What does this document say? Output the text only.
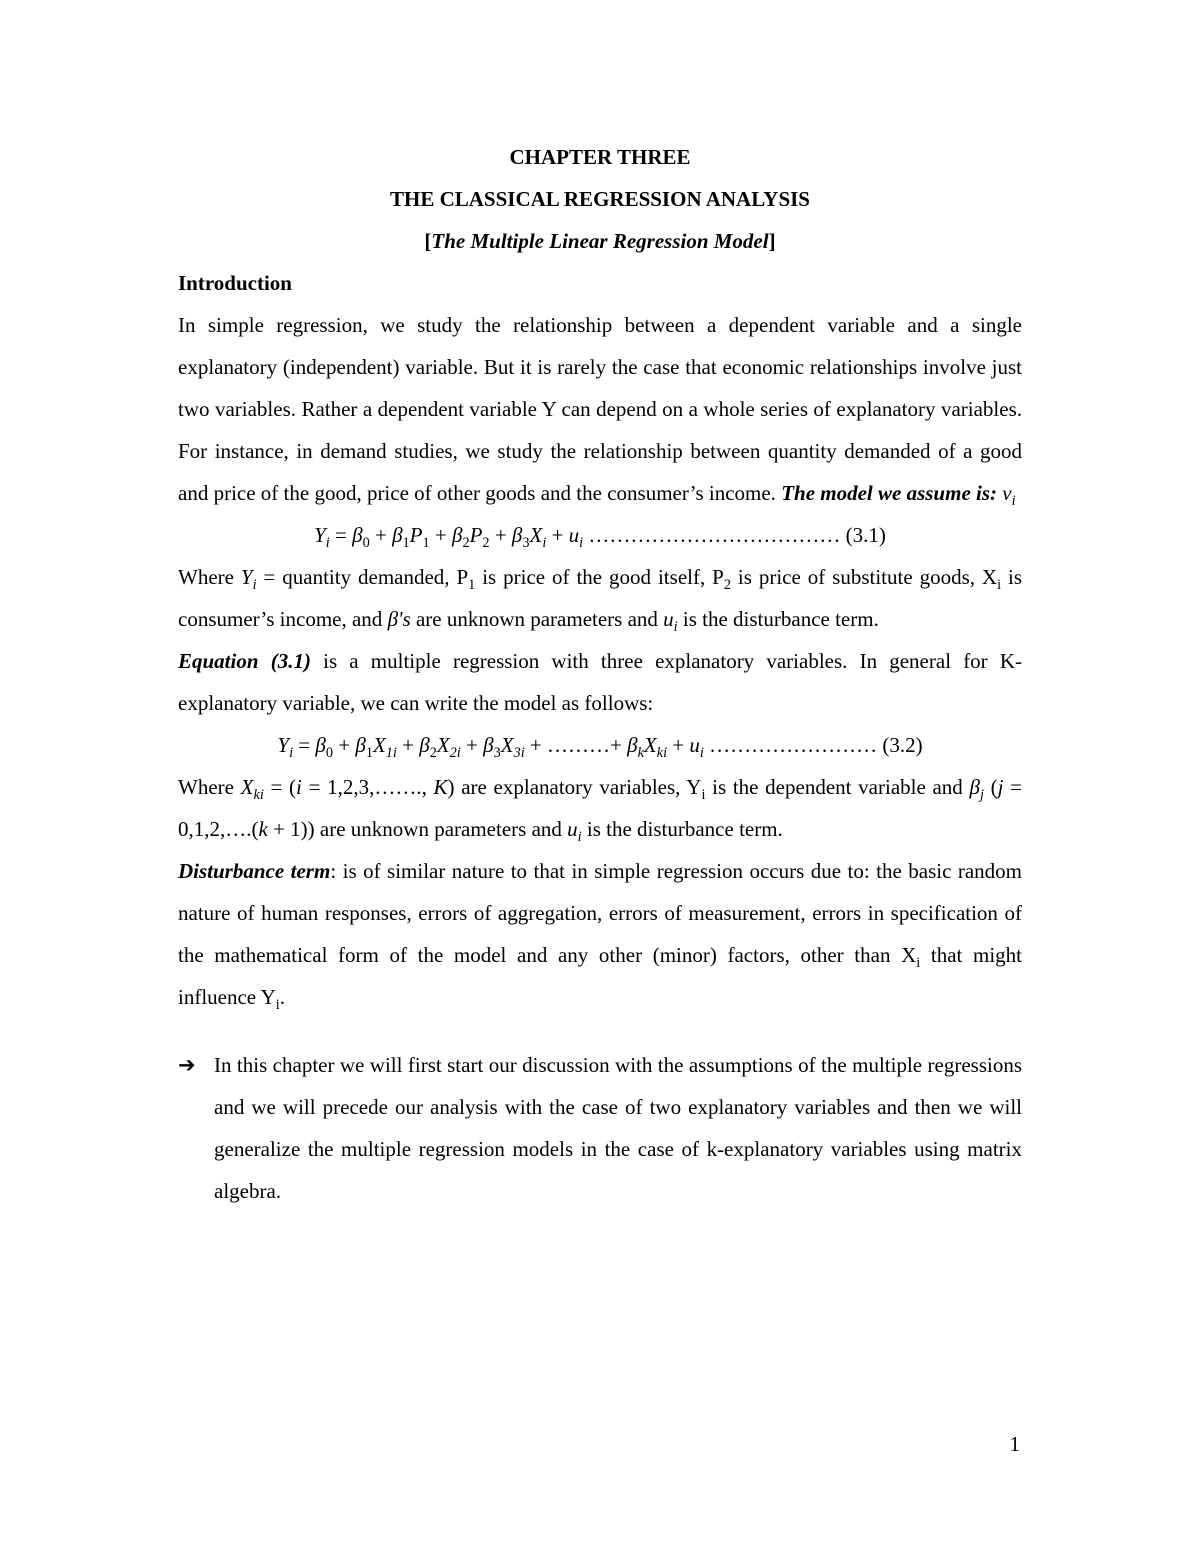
CHAPTER THREE
THE CLASSICAL REGRESSION ANALYSIS
[The Multiple Linear Regression Model]
Introduction

In simple regression, we study the relationship between a dependent variable and a single explanatory (independent) variable. But it is rarely the case that economic relationships involve just two variables. Rather a dependent variable Y can depend on a whole series of explanatory variables. For instance, in demand studies, we study the relationship between quantity demanded of a good and price of the good, price of other goods and the consumer’s income. The model we assume is: $v_i$

$Y_i = \beta_0 + \beta_1P_1 + \beta_2P_2 + \beta_3X_i + u_i$ ……………………………… (3.1)

Where $Y_i$ = quantity demanded, $P_1$ is price of the good itself, $P_2$ is price of substitute goods, $X_i$ is consumer’s income, and β's are unknown parameters and $u_i$ is the disturbance term.

Equation (3.1) is a multiple regression with three explanatory variables. In general for K-explanatory variable, we can write the model as follows:

$Y_i = \beta_0 + \beta_1X_{1i} + \beta_2X_{2i} + \beta_3X_{3i}$ + ………+ $\beta_kX_{ki} + u_i$ …………………… (3.2)

Where $X_{ki} = (i$ = 1,2,3,……., K) are explanatory variables, $Y_i$ is the dependent variable and $\beta_j$ (j = 0,1,2,….(k + 1)) are unknown parameters and $u_i$ is the disturbance term.

Disturbance term: is of similar nature to that in simple regression occurs due to: the basic random nature of human responses, errors of aggregation, errors of measurement, errors in specification of the mathematical form of the model and any other (minor) factors, other than $X_i$ that might influence $Y_i$.

➔ In this chapter we will first start our discussion with the assumptions of the multiple regressions and we will precede our analysis with the case of two explanatory variables and then we will generalize the multiple regression models in the case of k-explanatory variables using matrix algebra.

1
